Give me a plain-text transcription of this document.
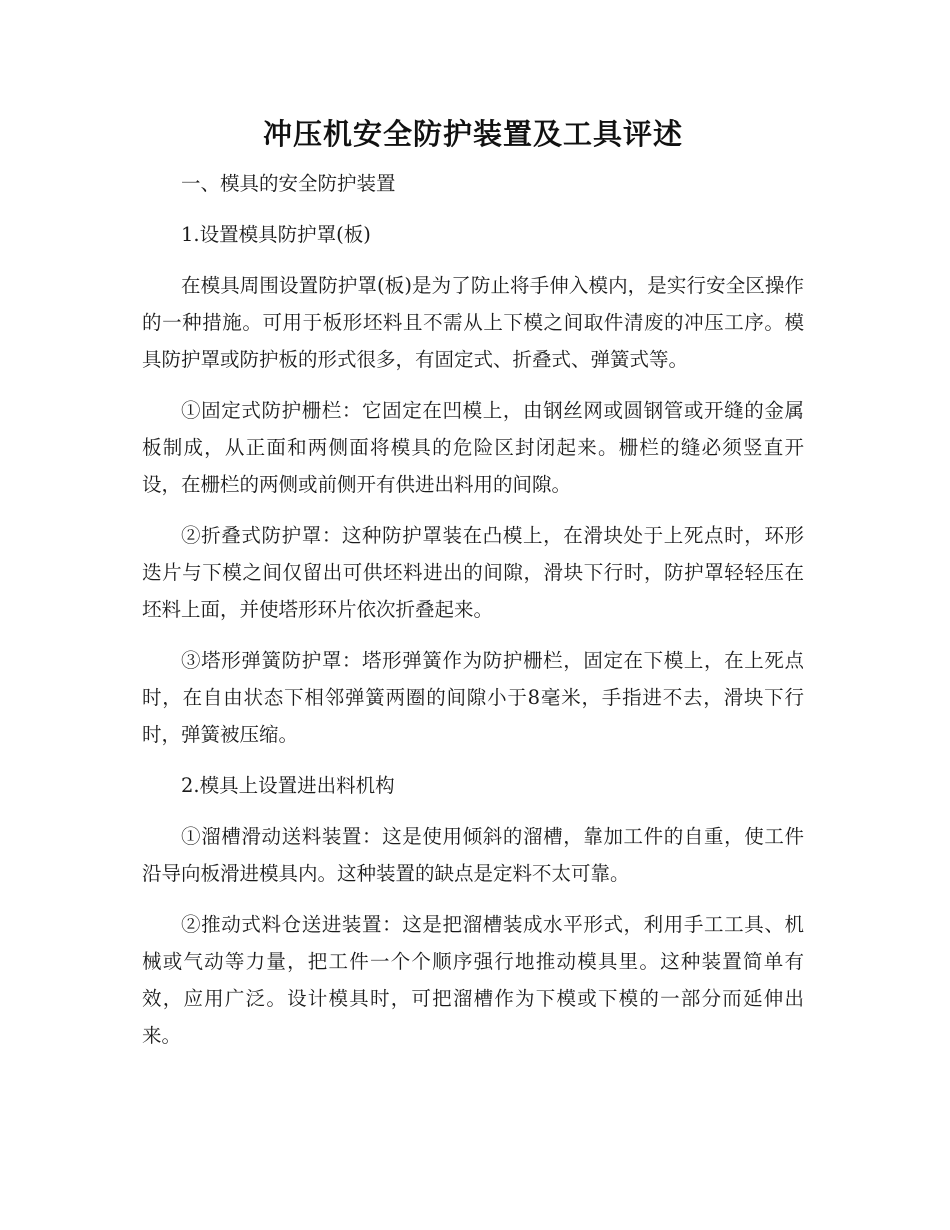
冲压机安全防护装置及工具评述

一、模具的安全防护装置

1.设置模具防护罩(板)

在模具周围设置防护罩(板)是为了防止将手伸入模内，是实行安全区操作的一种措施。可用于板形坯料且不需从上下模之间取件清废的冲压工序。模具防护罩或防护板的形式很多，有固定式、折叠式、弹簧式等。

①固定式防护栅栏：它固定在凹模上，由钢丝网或圆钢管或开缝的金属板制成，从正面和两侧面将模具的危险区封闭起来。栅栏的缝必须竖直开设，在栅栏的两侧或前侧开有供进出料用的间隙。

②折叠式防护罩：这种防护罩装在凸模上，在滑块处于上死点时，环形迭片与下模之间仅留出可供坯料进出的间隙，滑块下行时，防护罩轻轻压在坯料上面，并使塔形环片依次折叠起来。

③塔形弹簧防护罩：塔形弹簧作为防护栅栏，固定在下模上，在上死点时，在自由状态下相邻弹簧两圈的间隙小于8毫米，手指进不去，滑块下行时，弹簧被压缩。

2.模具上设置进出料机构

①溜槽滑动送料装置：这是使用倾斜的溜槽，靠加工件的自重，使工件沿导向板滑进模具内。这种装置的缺点是定料不太可靠。

②推动式料仓送进装置：这是把溜槽装成水平形式，利用手工工具、机械或气动等力量，把工件一个个顺序强行地推动模具里。这种装置简单有效，应用广泛。设计模具时，可把溜槽作为下模或下模的一部分而延伸出来。
